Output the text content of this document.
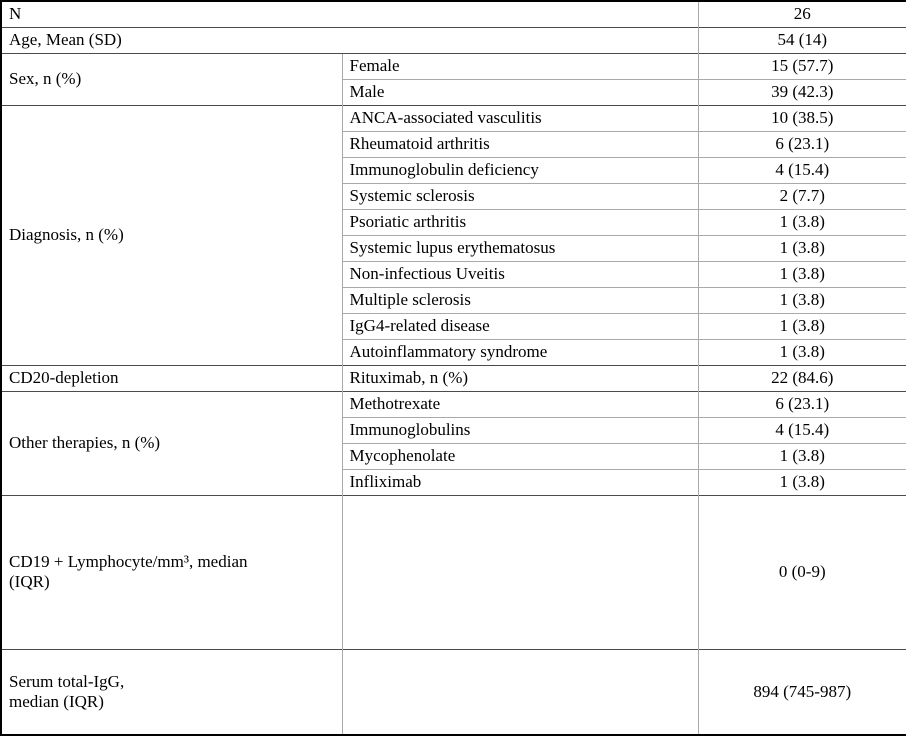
N		26
Age, Mean (SD)		54 (14)
Sex, n (%)	Female	15 (57.7)
	Male	39 (42.3)
Diagnosis, n (%)	ANCA-associated vasculitis	10 (38.5)
	Rheumatoid arthritis	6 (23.1)
	Immunoglobulin deficiency	4 (15.4)
	Systemic sclerosis	2 (7.7)
	Psoriatic arthritis	1 (3.8)
	Systemic lupus erythematosus	1 (3.8)
	Non-infectious Uveitis	1 (3.8)
	Multiple sclerosis	1 (3.8)
	IgG4-related disease	1 (3.8)
	Autoinflammatory syndrome	1 (3.8)
CD20-depletion	Rituximab, n (%)	22 (84.6)
Other therapies, n (%)	Methotrexate	6 (23.1)
	Immunoglobulins	4 (15.4)
	Mycophenolate	1 (3.8)
	Infliximab	1 (3.8)
CD19 + Lymphocyte/mm³, median
(IQR)		0 (0-9)
Serum total-IgG,
median (IQR)		894 (745-987)
